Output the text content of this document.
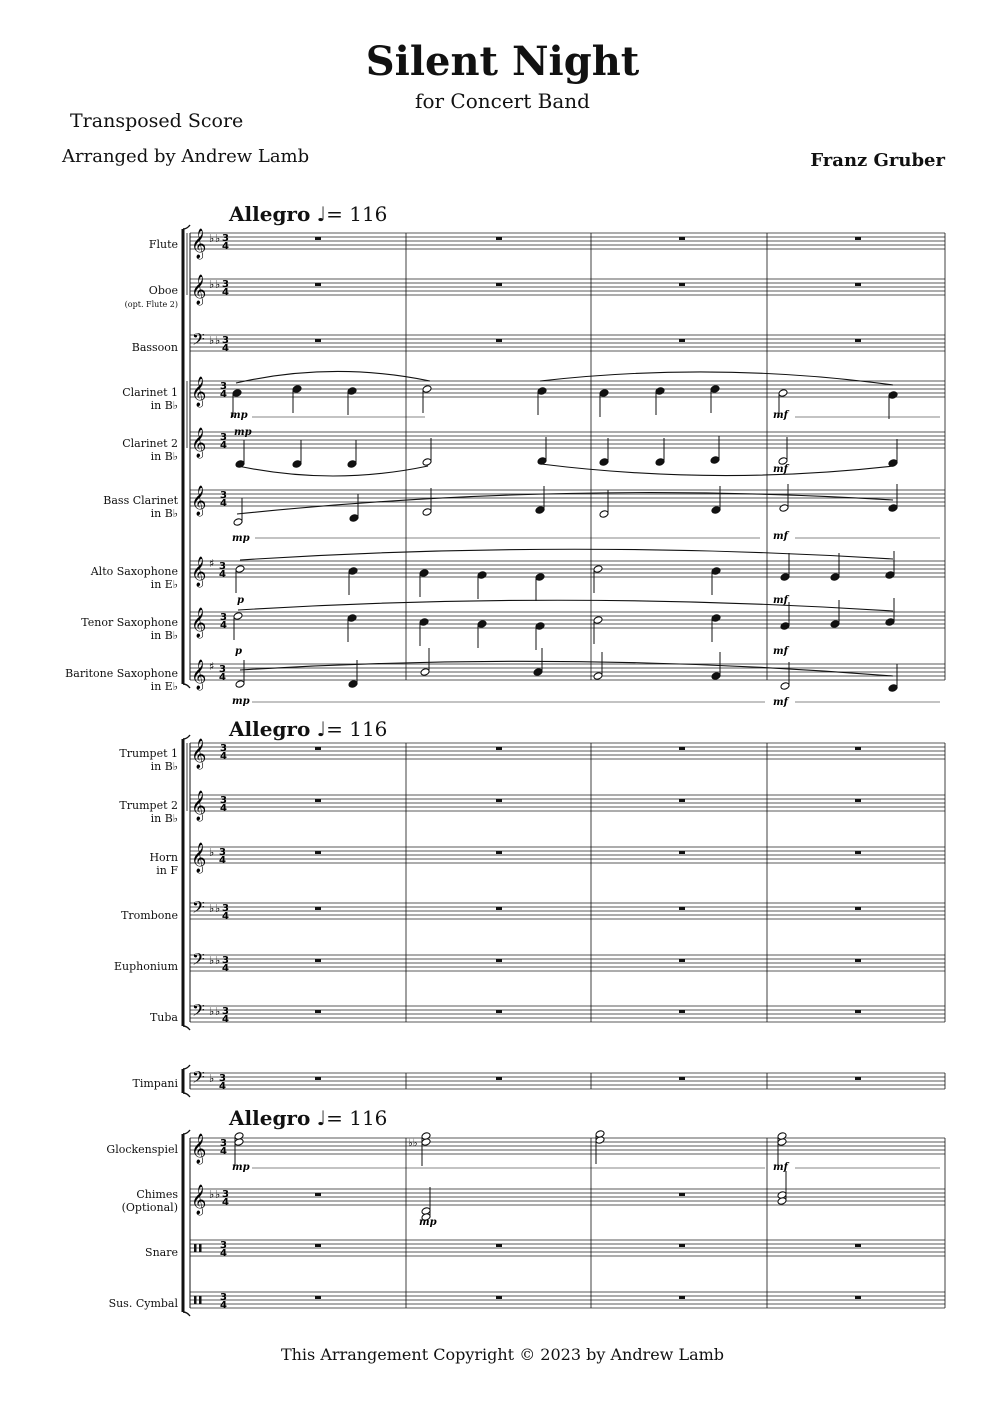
Silent Night
for Concert Band
Transposed Score
Arranged by Andrew Lamb	Franz Gruber
Allegro ♩= 116
Allegro ♩= 116
Allegro ♩= 116
Flute
Oboe
(opt. Flute 2)
Bassoon
Clarinet 1
in B♭
Clarinet 2
in B♭
Bass Clarinet
in B♭
Alto Saxophone
in E♭
Tenor Saxophone
in B♭
Baritone Saxophone
in E♭
Trumpet 1
in B♭
Trumpet 2
in B♭
Horn
in F
Trombone
Euphonium
Tuba
Timpani
Glockenspiel
Chimes
(Optional)
Snare
Sus. Cymbal
𝄞 ♭ ♭ 3
4
𝄞 ♭ ♭ 3
4
𝄢 ♭ ♭ 3
4
𝄞 3
4
𝄞 3
4
𝄞 3
4
𝄞 ♯ 3
4
𝄞 3
4
𝄞 ♯ 3
4
𝄞 3
4
𝄞 3
4
𝄞 ♭ 3
4
𝄢 ♭ ♭ 3
4
𝄢 ♭ ♭ 3
4
𝄢 ♭ ♭ 3
4
𝄢 ♭ 3
4
𝄞 3
4
𝄞 ♭ ♭ 3
4
3
4
3
4
mp	mf
mp
mf
mp	mf
p	mf
p	mf
mp	mf
♭♭
mp	mf
mp
This Arrangement Copyright © 2023 by Andrew Lamb
